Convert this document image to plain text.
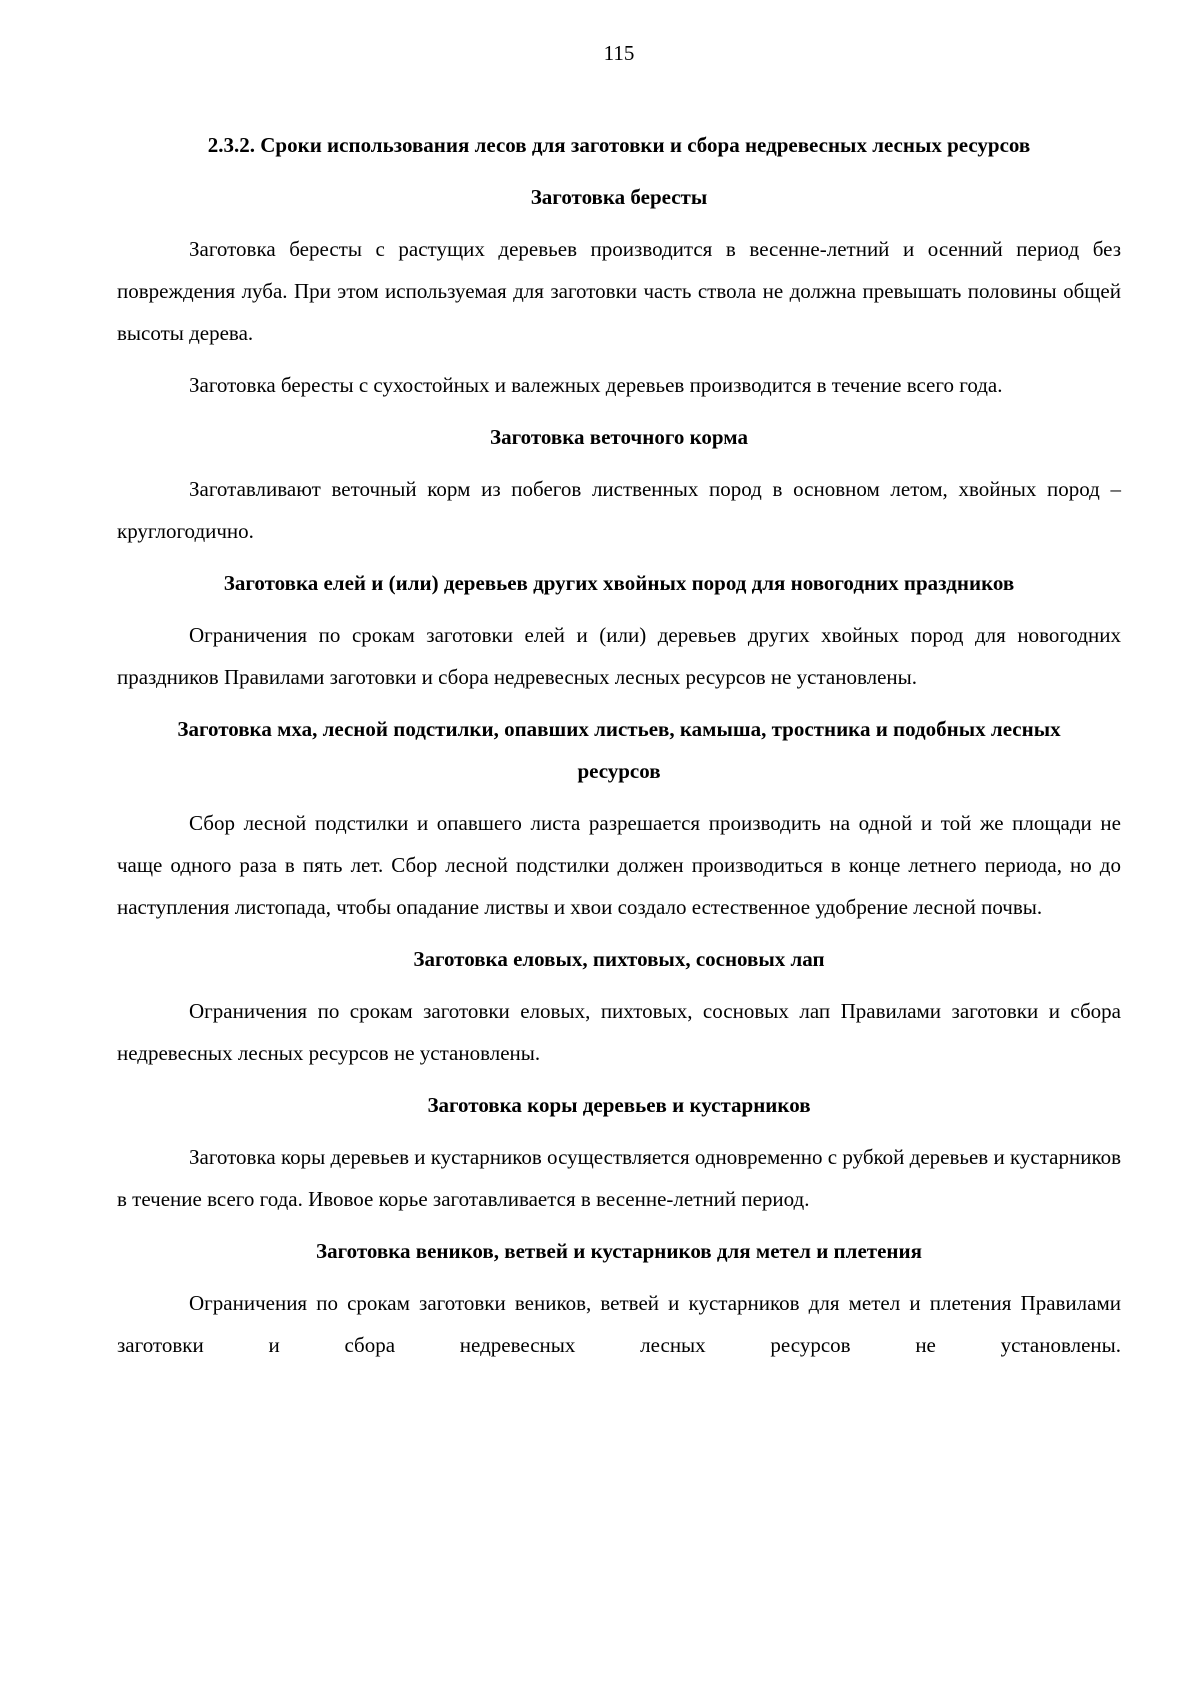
115
2.3.2. Сроки использования лесов для заготовки и сбора недревесных лесных ресурсов
Заготовка бересты

Заготовка бересты с растущих деревьев производится в весенне-летний и осенний период без повреждения луба. При этом используемая для заготовки часть ствола не должна превышать половины общей высоты дерева.

Заготовка бересты с сухостойных и валежных деревьев производится в течение всего года.

Заготовка веточного корма

Заготавливают веточный корм из побегов лиственных пород в основном летом, хвойных пород – круглогодично.

Заготовка елей и (или) деревьев других хвойных пород для новогодних праздников

Ограничения по срокам заготовки елей и (или) деревьев других хвойных пород для новогодних праздников Правилами заготовки и сбора недревесных лесных ресурсов не установлены.

Заготовка мха, лесной подстилки, опавших листьев, камыша, тростника и подобных лесных ресурсов

Сбор лесной подстилки и опавшего листа разрешается производить на одной и той же площади не чаще одного раза в пять лет. Сбор лесной подстилки должен производиться в конце летнего периода, но до наступления листопада, чтобы опадание листвы и хвои создало естественное удобрение лесной почвы.

Заготовка еловых, пихтовых, сосновых лап

Ограничения по срокам заготовки еловых, пихтовых, сосновых лап Правилами заготовки и сбора недревесных лесных ресурсов не установлены.

Заготовка коры деревьев и кустарников

Заготовка коры деревьев и кустарников осуществляется одновременно с рубкой деревьев и кустарников в течение всего года. Ивовое корье заготавливается в весенне-летний период.

Заготовка веников, ветвей и кустарников для метел и плетения

Ограничения по срокам заготовки веников, ветвей и кустарников для метел и плетения Правилами заготовки и сбора недревесных лесных ресурсов не установлены.
